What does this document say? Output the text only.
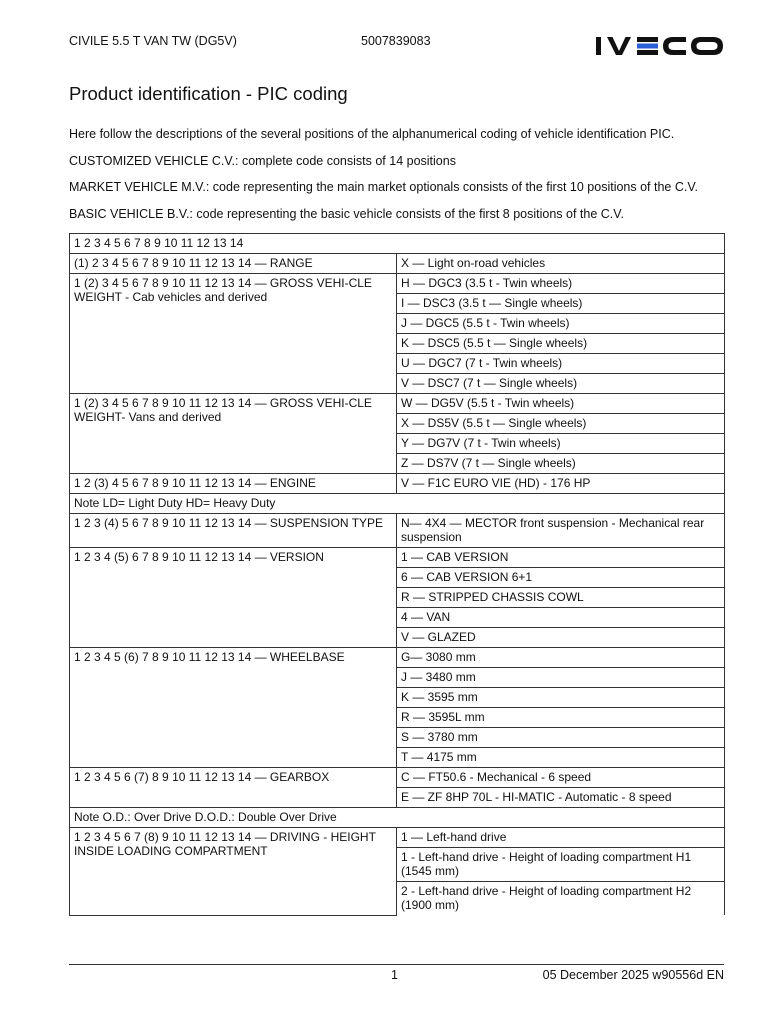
CIVILE 5.5 T VAN TW (DG5V)	5007839083
Product identification - PIC coding

Here follow the descriptions of the several positions of the alphanumerical coding of vehicle identification PIC.

CUSTOMIZED VEHICLE C.V.: complete code consists of 14 positions

MARKET VEHICLE M.V.: code representing the main market optionals consists of the first 10 positions of the C.V.

BASIC VEHICLE B.V.: code representing the basic vehicle consists of the first 8 positions of the C.V.

1 2 3 4 5 6 7 8 9 10 11 12 13 14	
(1) 2 3 4 5 6 7 8 9 10 11 12 13 14 — RANGE	X — Light on-road vehicles
1 (2) 3 4 5 6 7 8 9 10 11 12 13 14 — GROSS VEHI-CLE WEIGHT - Cab vehicles and derived	H — DGC3 (3.5 t - Twin wheels)
	I — DSC3 (3.5 t — Single wheels)
	J — DGC5 (5.5 t - Twin wheels)
	K — DSC5 (5.5 t — Single wheels)
	U — DGC7 (7 t - Twin wheels)
	V — DSC7 (7 t — Single wheels)
1 (2) 3 4 5 6 7 8 9 10 11 12 13 14 — GROSS VEHI-CLE WEIGHT- Vans and derived	W — DG5V (5.5 t - Twin wheels)
	X — DS5V (5.5 t — Single wheels)
	Y — DG7V (7 t - Twin wheels)
	Z — DS7V (7 t — Single wheels)
1 2 (3) 4 5 6 7 8 9 10 11 12 13 14 — ENGINE	V — F1C EURO VIE (HD) - 176 HP
Note LD= Light Duty HD= Heavy Duty	
1 2 3 (4) 5 6 7 8 9 10 11 12 13 14 — SUSPENSION TYPE	N— 4X4 — MECTOR front suspension - Mechanical rear suspension
1 2 3 4 (5) 6 7 8 9 10 11 12 13 14 — VERSION	1 — CAB VERSION
	6 — CAB VERSION 6+1
	R — STRIPPED CHASSIS COWL
	4 — VAN
	V — GLAZED
1 2 3 4 5 (6) 7 8 9 10 11 12 13 14 — WHEELBASE	G— 3080 mm
	J — 3480 mm
	K — 3595 mm
	R — 3595L mm
	S — 3780 mm
	T — 4175 mm
1 2 3 4 5 6 (7) 8 9 10 11 12 13 14 — GEARBOX	C — FT50.6 - Mechanical - 6 speed
	E — ZF 8HP 70L - HI-MATIC - Automatic - 8 speed
Note O.D.: Over Drive D.O.D.: Double Over Drive	
1 2 3 4 5 6 7 (8) 9 10 11 12 13 14 — DRIVING - HEIGHT INSIDE LOADING COMPARTMENT	1 — Left-hand drive
	1 - Left-hand drive - Height of loading compartment H1 (1545 mm)
	2 - Left-hand drive - Height of loading compartment H2 (1900 mm)
1	05 December 2025 w90556d EN
